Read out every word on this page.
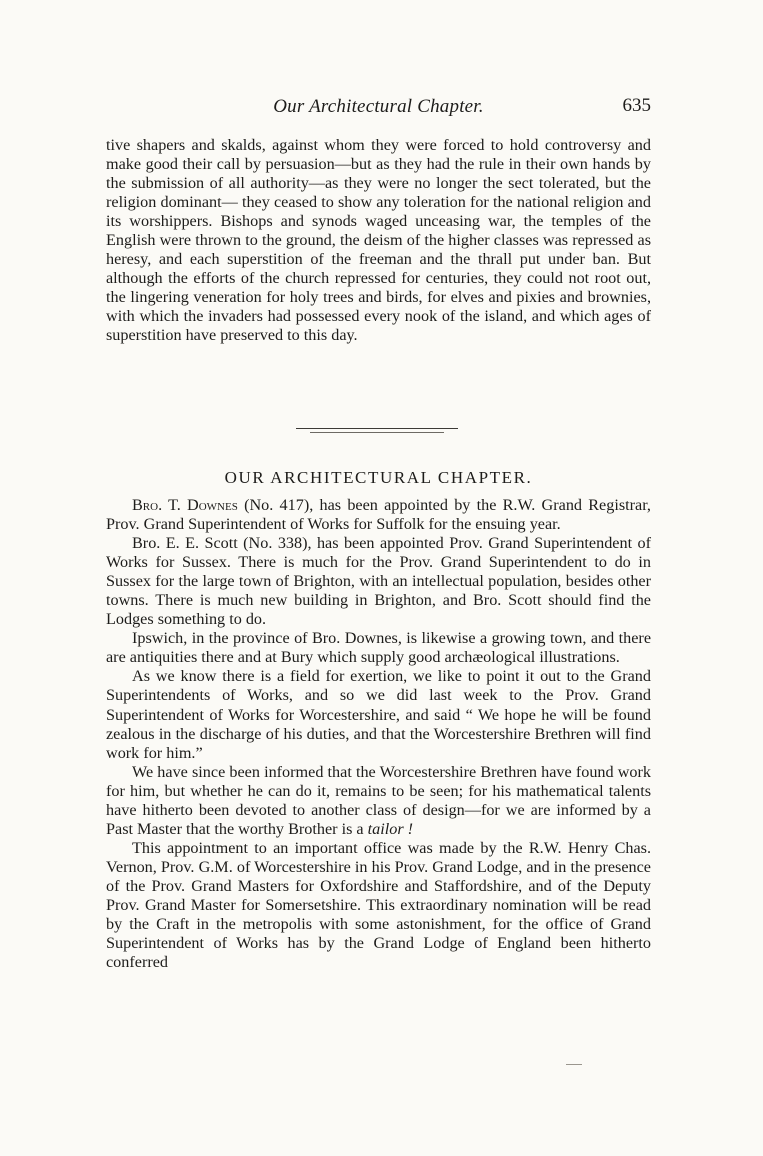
Our Architectural Chapter.	635

tive shapers and skalds, against whom they were forced to hold controversy and make good their call by persuasion—but as they had the rule in their own hands by the submission of all authority—as they were no longer the sect tolerated, but the religion dominant— they ceased to show any toleration for the national religion and its worshippers. Bishops and synods waged unceasing war, the temples of the English were thrown to the ground, the deism of the higher classes was repressed as heresy, and each superstition of the freeman and the thrall put under ban. But although the efforts of the church repressed for centuries, they could not root out, the lingering veneration for holy trees and birds, for elves and pixies and brownies, with which the invaders had possessed every nook of the island, and which ages of superstition have preserved to this day.

OUR ARCHITECTURAL CHAPTER.

Bro. T. Downes (No. 417), has been appointed by the R.W. Grand Registrar, Prov. Grand Superintendent of Works for Suffolk for the ensuing year.

Bro. E. E. Scott (No. 338), has been appointed Prov. Grand Superintendent of Works for Sussex. There is much for the Prov. Grand Superintendent to do in Sussex for the large town of Brighton, with an intellectual population, besides other towns. There is much new building in Brighton, and Bro. Scott should find the Lodges something to do.

Ipswich, in the province of Bro. Downes, is likewise a growing town, and there are antiquities there and at Bury which supply good archæological illustrations.

As we know there is a field for exertion, we like to point it out to the Grand Superintendents of Works, and so we did last week to the Prov. Grand Superintendent of Works for Worcestershire, and said “ We hope he will be found zealous in the discharge of his duties, and that the Worcestershire Brethren will find work for him.”

We have since been informed that the Worcestershire Brethren have found work for him, but whether he can do it, remains to be seen; for his mathematical talents have hitherto been devoted to another class of design—for we are informed by a Past Master that the worthy Brother is a tailor !

This appointment to an important office was made by the R.W. Henry Chas. Vernon, Prov. G.M. of Worcestershire in his Prov. Grand Lodge, and in the presence of the Prov. Grand Masters for Oxfordshire and Staffordshire, and of the Deputy Prov. Grand Master for Somersetshire. This extraordinary nomination will be read by the Craft in the metropolis with some astonishment, for the office of Grand Superintendent of Works has by the Grand Lodge of England been hitherto conferred
